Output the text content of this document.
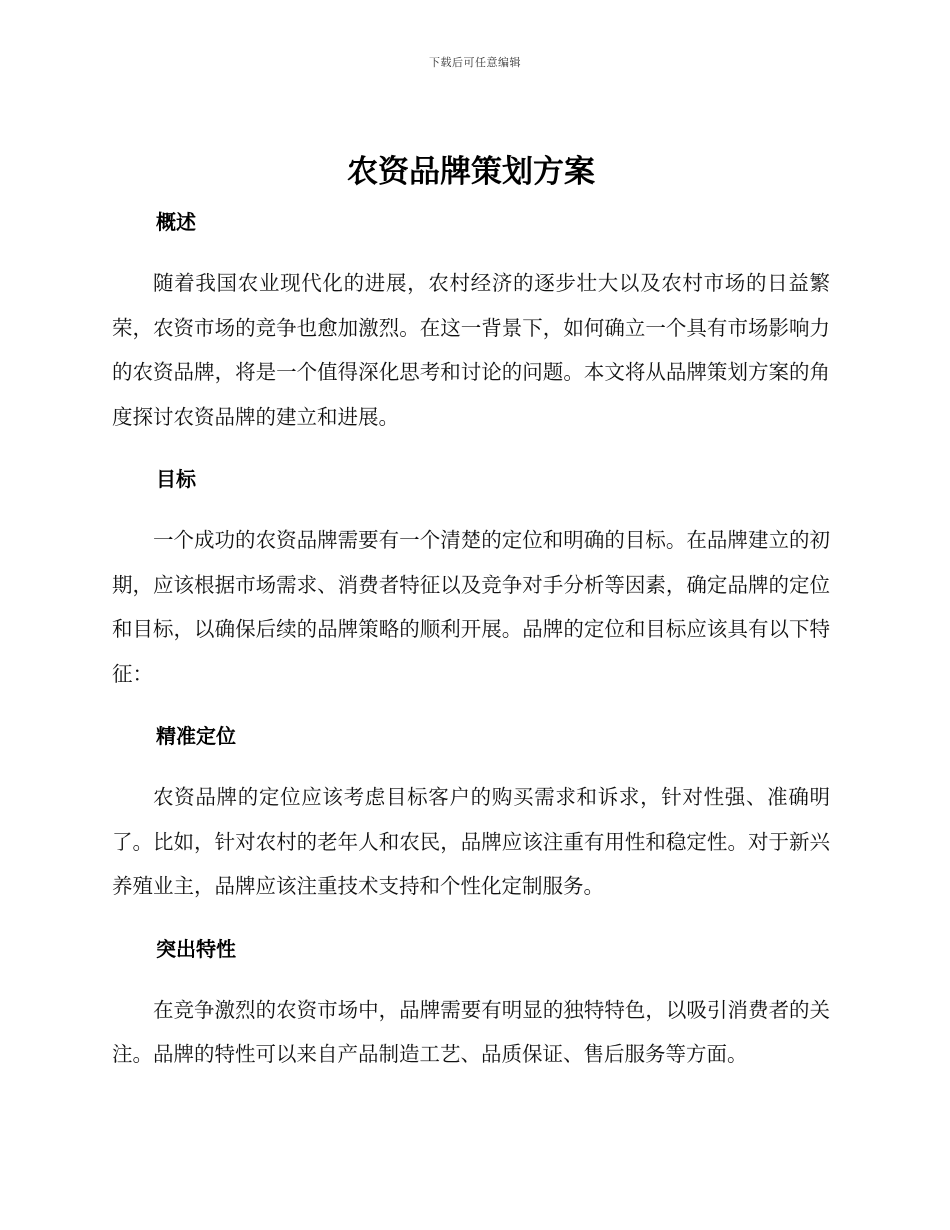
下载后可任意编辑
农资品牌策划方案
概述

随着我国农业现代化的进展，农村经济的逐步壮大以及农村市场的日益繁荣，农资市场的竞争也愈加激烈。在这一背景下，如何确立一个具有市场影响力的农资品牌，将是一个值得深化思考和讨论的问题。本文将从品牌策划方案的角度探讨农资品牌的建立和进展。

目标

一个成功的农资品牌需要有一个清楚的定位和明确的目标。在品牌建立的初期，应该根据市场需求、消费者特征以及竞争对手分析等因素，确定品牌的定位和目标，以确保后续的品牌策略的顺利开展。品牌的定位和目标应该具有以下特征：

精准定位

农资品牌的定位应该考虑目标客户的购买需求和诉求，针对性强、准确明了。比如，针对农村的老年人和农民，品牌应该注重有用性和稳定性。对于新兴养殖业主，品牌应该注重技术支持和个性化定制服务。

突出特性

在竞争激烈的农资市场中，品牌需要有明显的独特特色，以吸引消费者的关注。品牌的特性可以来自产品制造工艺、品质保证、售后服务等方面。
